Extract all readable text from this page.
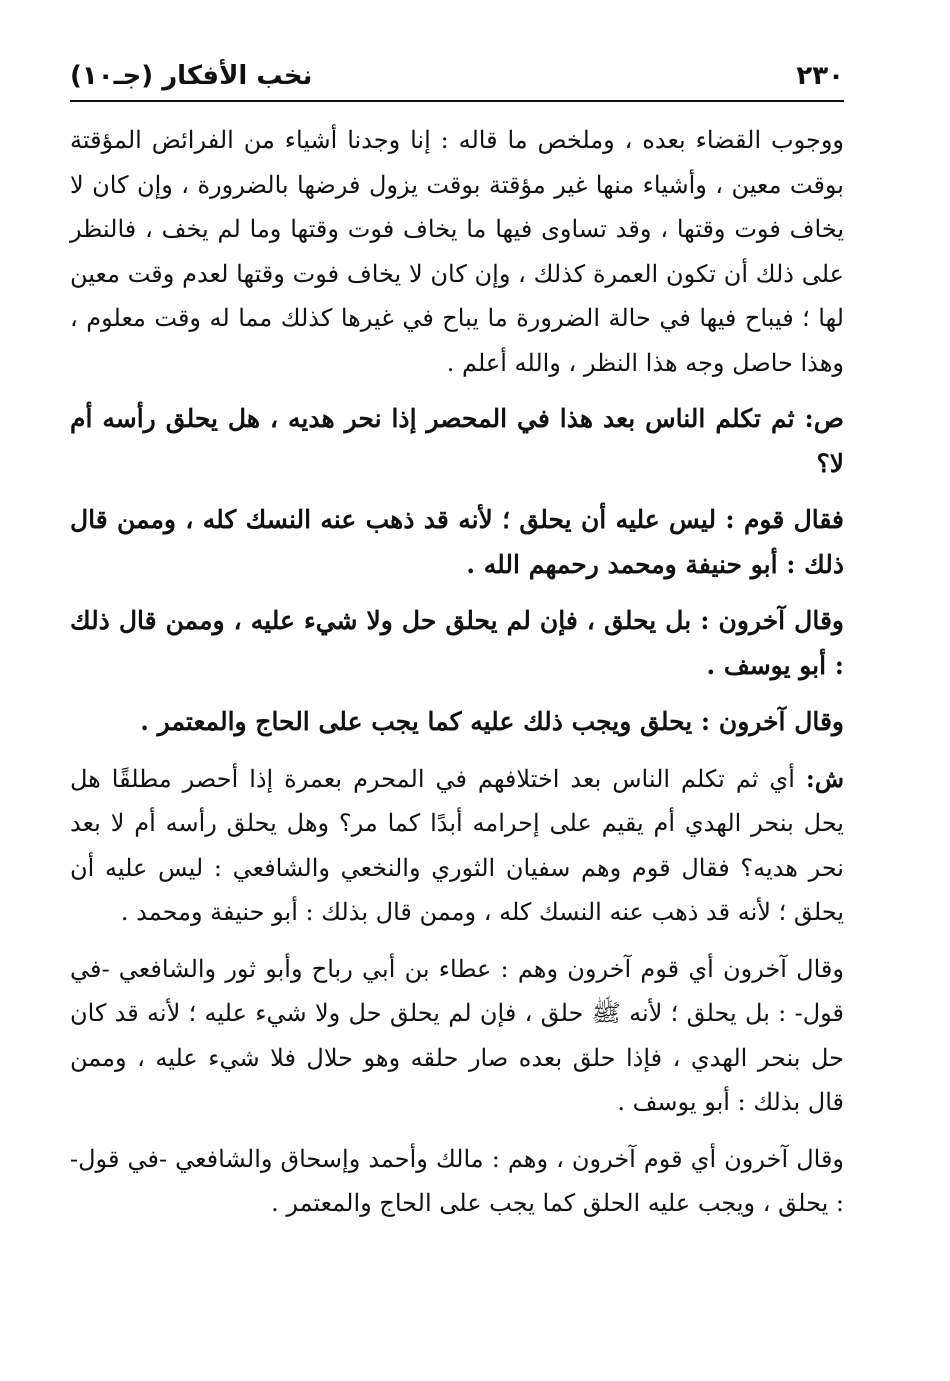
٢٣٠
نخب الأفكار (جـ١٠)

ووجوب القضاء بعده ، وملخص ما قاله : إنا وجدنا أشياء من الفرائض المؤقتة بوقت معين ، وأشياء منها غير مؤقتة بوقت يزول فرضها بالضرورة ، وإن كان لا يخاف فوت وقتها ، وقد تساوى فيها ما يخاف فوت وقتها وما لم يخف ، فالنظر على ذلك أن تكون العمرة كذلك ، وإن كان لا يخاف فوت وقتها لعدم وقت معين لها ؛ فيباح فيها في حالة الضرورة ما يباح في غيرها كذلك مما له وقت معلوم ، وهذا حاصل وجه هذا النظر ، والله أعلم .

ص: ثم تكلم الناس بعد هذا في المحصر إذا نحر هديه ، هل يحلق رأسه أم لا؟

فقال قوم : ليس عليه أن يحلق ؛ لأنه قد ذهب عنه النسك كله ، وممن قال ذلك : أبو حنيفة ومحمد رحمهم الله .

وقال آخرون : بل يحلق ، فإن لم يحلق حل ولا شيء عليه ، وممن قال ذلك : أبو يوسف .

وقال آخرون : يحلق ويجب ذلك عليه كما يجب على الحاج والمعتمر .

ش: أي ثم تكلم الناس بعد اختلافهم في المحرم بعمرة إذا أحصر مطلقًا هل يحل بنحر الهدي أم يقيم على إحرامه أبدًا كما مر؟ وهل يحلق رأسه أم لا بعد نحر هديه؟ فقال قوم وهم سفيان الثوري والنخعي والشافعي : ليس عليه أن يحلق ؛ لأنه قد ذهب عنه النسك كله ، وممن قال بذلك : أبو حنيفة ومحمد .

وقال آخرون أي قوم آخرون وهم : عطاء بن أبي رباح وأبو ثور والشافعي -في قول- : بل يحلق ؛ لأنه ﷺ حلق ، فإن لم يحلق حل ولا شيء عليه ؛ لأنه قد كان حل بنحر الهدي ، فإذا حلق بعده صار حلقه وهو حلال فلا شيء عليه ، وممن قال بذلك : أبو يوسف .

وقال آخرون أي قوم آخرون ، وهم : مالك وأحمد وإسحاق والشافعي -في قول- : يحلق ، ويجب عليه الحلق كما يجب على الحاج والمعتمر .
